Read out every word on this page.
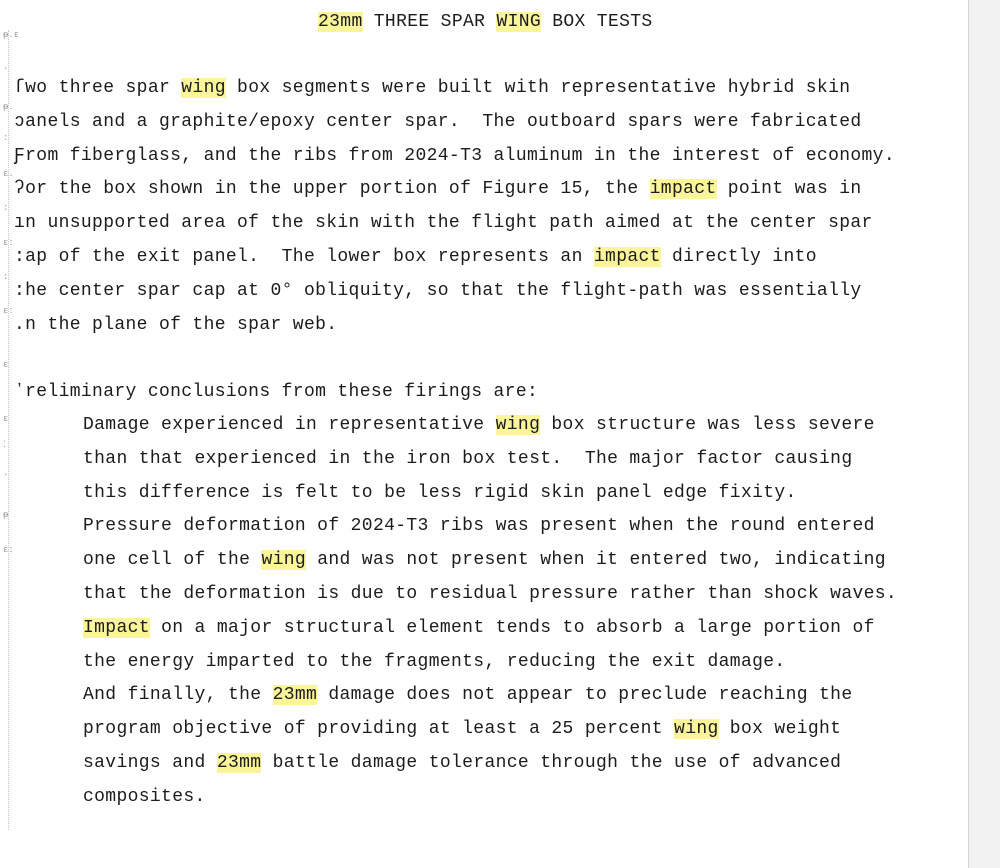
23mm THREE SPAR WING BOX TESTS
ſwo three spar wing box segments were built with representative hybrid skin
ↄanels and a graphite/epoxy center spar.  The outboard spars were fabricated
Ƒrom fiberglass, and the ribs from 2024-T3 aluminum in the interest of economy.
ʔor the box shown in the upper portion of Figure 15, the impact point was in
ın unsupported area of the skin with the flight path aimed at the center spar
:ap of the exit panel.  The lower box represents an impact directly into
:he center spar cap at 0° obliquity, so that the flight-path was essentially
.n the plane of the spar web.
ʼreliminary conclusions from these firings are:
Damage experienced in representative wing box structure was less severe
than that experienced in the iron box test.  The major factor causing
this difference is felt to be less rigid skin panel edge fixity.
Pressure deformation of 2024-T3 ribs was present when the round entered
one cell of the wing and was not present when it entered two, indicating
that the deformation is due to residual pressure rather than shock waves.
Impact on a major structural element tends to absorb a large portion of
the energy imparted to the fragments, reducing the exit damage.
And finally, the 23mm damage does not appear to preclude reaching the
program objective of providing at least a 25 percent wing box weight
savings and 23mm battle damage tolerance through the use of advanced
composites.
ᵽ.ε
·
ᵽ.
:
ɛ.
:
ɛ:
:
ɛ:
ε
ɛ
⁚
·
ᵽ
ɛ:
